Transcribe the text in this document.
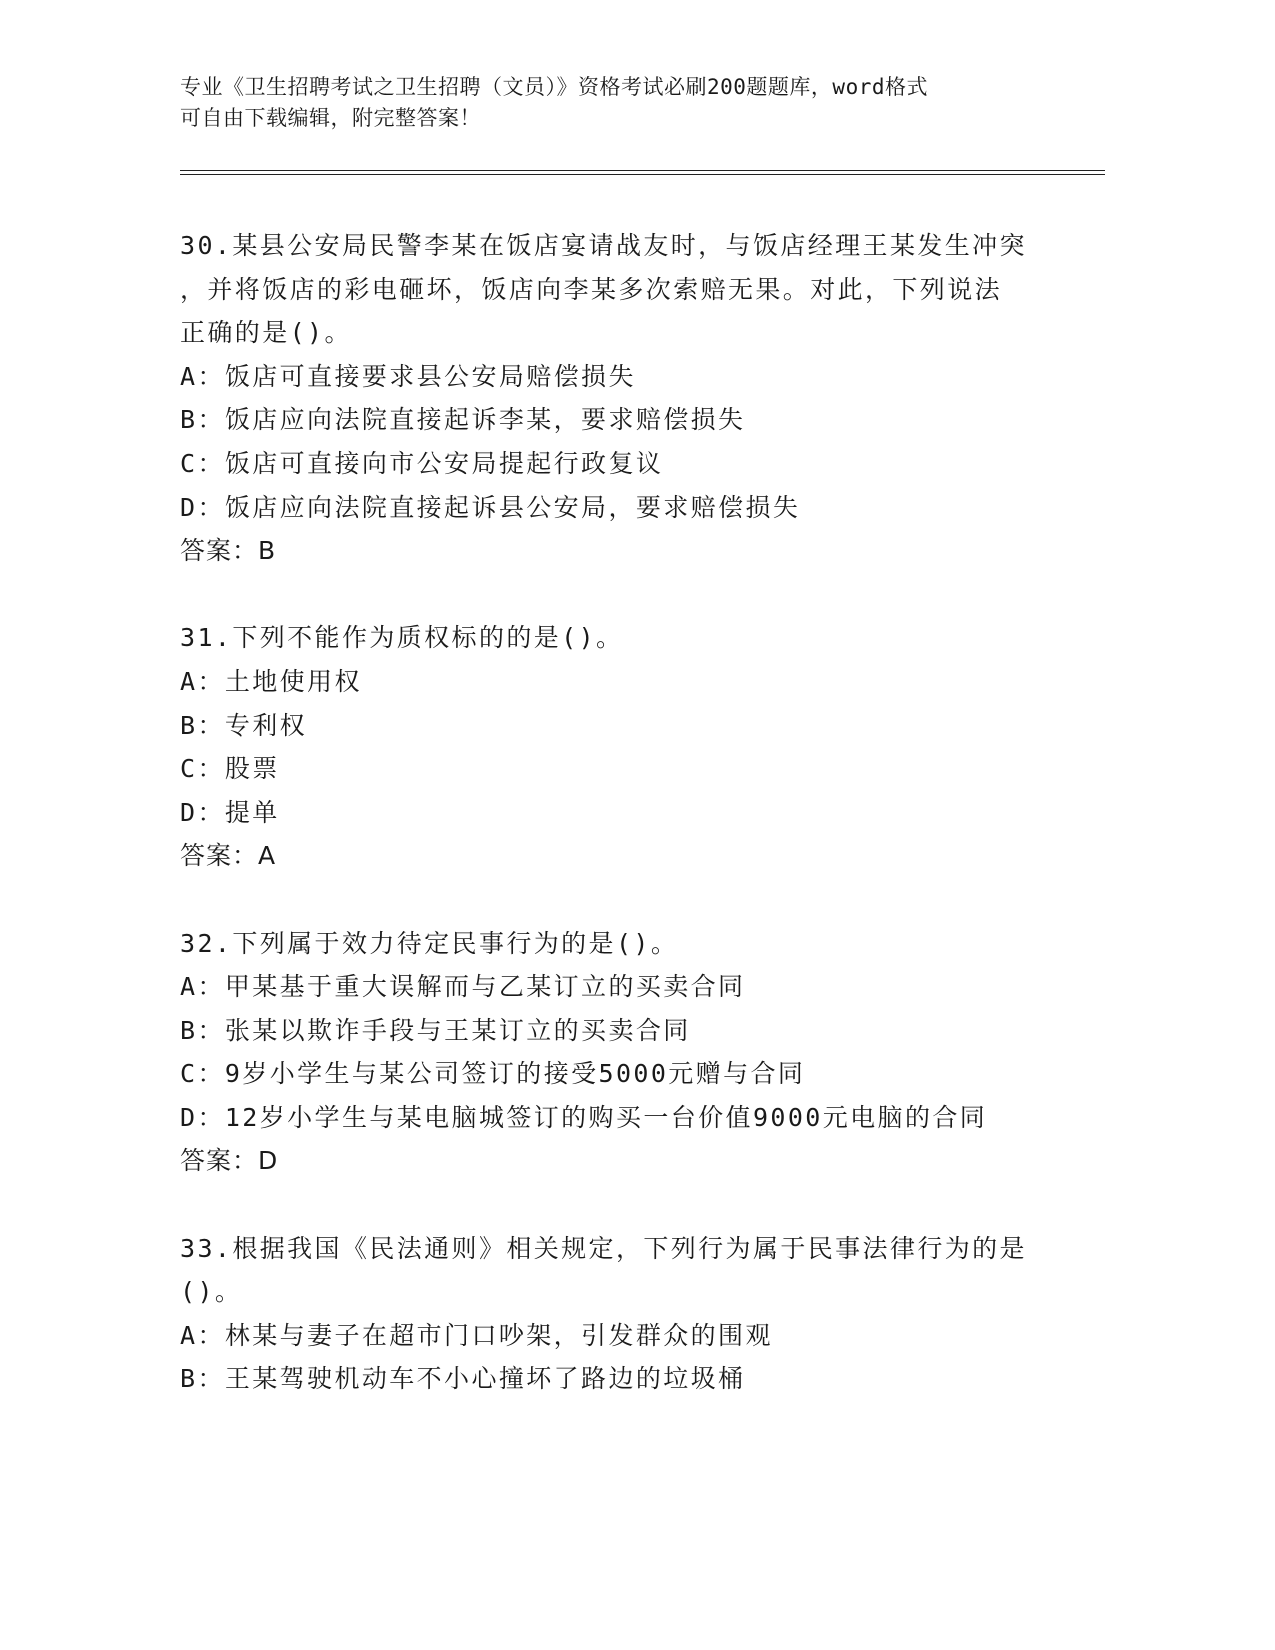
专业《卫生招聘考试之卫生招聘（文员）》资格考试必刷200题题库，word格式
可自由下载编辑，附完整答案！
30.某县公安局民警李某在饭店宴请战友时，与饭店经理王某发生冲突
，并将饭店的彩电砸坏，饭店向李某多次索赔无果。对此，下列说法
正确的是()。
A：饭店可直接要求县公安局赔偿损失
B：饭店应向法院直接起诉李某，要求赔偿损失
C：饭店可直接向市公安局提起行政复议
D：饭店应向法院直接起诉县公安局，要求赔偿损失
答案：B
31.下列不能作为质权标的的是()。
A：土地使用权
B：专利权
C：股票
D：提单
答案：A
32.下列属于效力待定民事行为的是()。
A：甲某基于重大误解而与乙某订立的买卖合同
B：张某以欺诈手段与王某订立的买卖合同
C：9岁小学生与某公司签订的接受5000元赠与合同
D：12岁小学生与某电脑城签订的购买一台价值9000元电脑的合同
答案：D
33.根据我国《民法通则》相关规定，下列行为属于民事法律行为的是
()。
A：林某与妻子在超市门口吵架，引发群众的围观
B：王某驾驶机动车不小心撞坏了路边的垃圾桶
